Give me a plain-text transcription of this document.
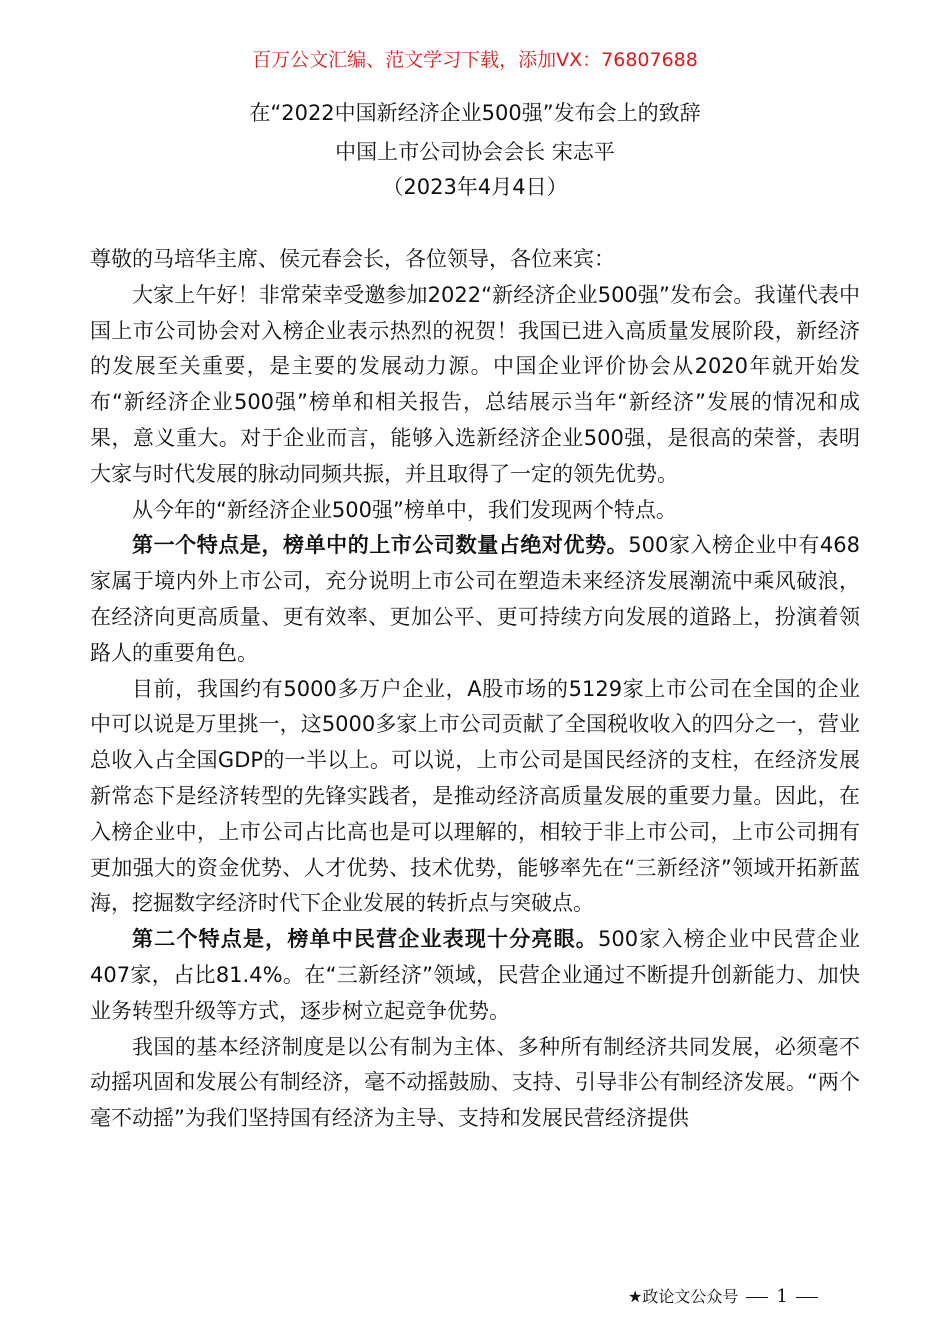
百万公文汇编、范文学习下载，添加VX：76807688
在“2022中国新经济企业500强”发布会上的致辞
中国上市公司协会会长 宋志平
（2023年4月4日）

尊敬的马培华主席、侯元春会长，各位领导，各位来宾：

大家上午好！非常荣幸受邀参加2022“新经济企业500强”发布会。我谨代表中国上市公司协会对入榜企业表示热烈的祝贺！我国已进入高质量发展阶段，新经济的发展至关重要，是主要的发展动力源。中国企业评价协会从2020年就开始发布“新经济企业500强”榜单和相关报告，总结展示当年“新经济”发展的情况和成果，意义重大。对于企业而言，能够入选新经济企业500强，是很高的荣誉，表明大家与时代发展的脉动同频共振，并且取得了一定的领先优势。

从今年的“新经济企业500强”榜单中，我们发现两个特点。

第一个特点是，榜单中的上市公司数量占绝对优势。500家入榜企业中有468家属于境内外上市公司，充分说明上市公司在塑造未来经济发展潮流中乘风破浪，在经济向更高质量、更有效率、更加公平、更可持续方向发展的道路上，扮演着领路人的重要角色。

目前，我国约有5000多万户企业，A股市场的5129家上市公司在全国的企业中可以说是万里挑一，这5000多家上市公司贡献了全国税收收入的四分之一，营业总收入占全国GDP的一半以上。可以说，上市公司是国民经济的支柱，在经济发展新常态下是经济转型的先锋实践者，是推动经济高质量发展的重要力量。因此，在入榜企业中，上市公司占比高也是可以理解的，相较于非上市公司，上市公司拥有更加强大的资金优势、人才优势、技术优势，能够率先在“三新经济”领域开拓新蓝海，挖掘数字经济时代下企业发展的转折点与突破点。

第二个特点是，榜单中民营企业表现十分亮眼。500家入榜企业中民营企业407家，占比81.4%。在“三新经济”领域，民营企业通过不断提升创新能力、加快业务转型升级等方式，逐步树立起竞争优势。

我国的基本经济制度是以公有制为主体、多种所有制经济共同发展，必须毫不动摇巩固和发展公有制经济，毫不动摇鼓励、支持、引导非公有制经济发展。“两个毫不动摇”为我们坚持国有经济为主导、支持和发展民营经济提供

★政论文公众号 1
